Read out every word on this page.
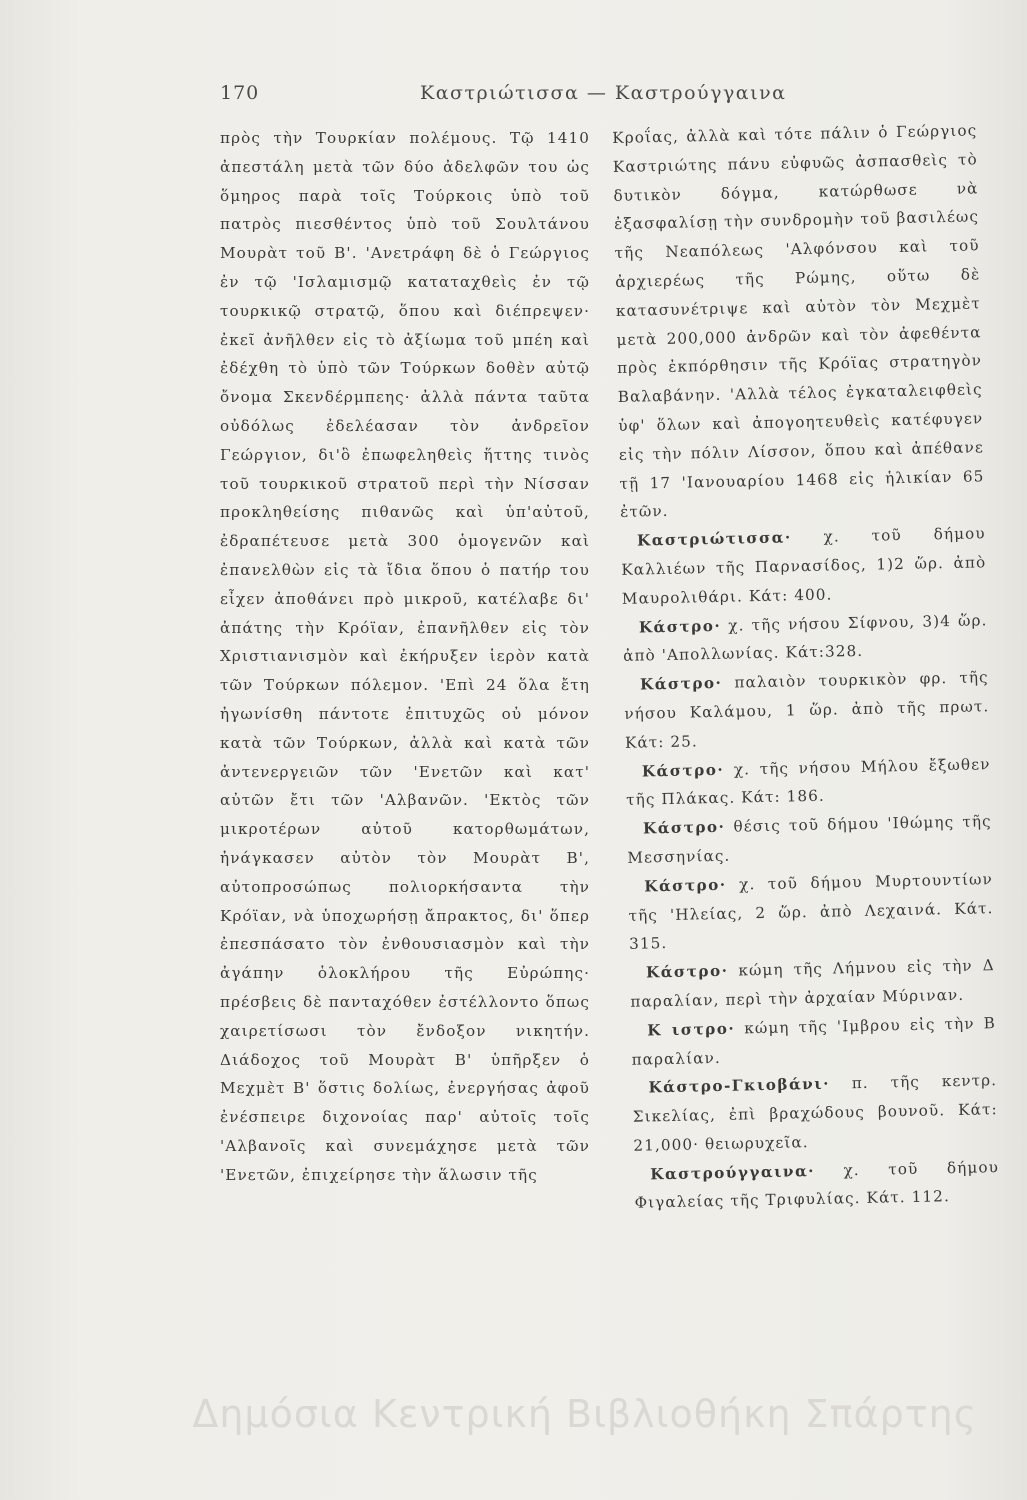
170	Καστριώτισσα — Καστρούγγαινα

πρὸς τὴν Τουρκίαν πολέμους. Τῷ 1410 ἀπεστάλη μετὰ τῶν δύο ἀδελφῶν του ὡς ὅμηρος παρὰ τοῖς Τούρκοις ὑπὸ τοῦ πατρὸς πιεσθέντος ὑπὸ τοῦ Σουλτάνου Μουρὰτ τοῦ Β'. 'Ανετράφη δὲ ὁ Γεώργιος ἐν τῷ 'Ισλαμισμῷ καταταχθεὶς ἐν τῷ τουρκικῷ στρατῷ, ὅπου καὶ διέπρεψεν· ἐκεῖ ἀνῆλθεν εἰς τὸ ἀξίωμα τοῦ μπέη καὶ ἐδέχθη τὸ ὑπὸ τῶν Τούρκων δοθὲν αὐτῷ ὄνομα Σκενδέρμπεης· ἀλλὰ πάντα ταῦτα οὐδόλως ἐδελέασαν τὸν ἀνδρεῖον Γεώργιον, δι'ὃ ἐπωφεληθεὶς ἥττης τινὸς τοῦ τουρκικοῦ στρατοῦ περὶ τὴν Νίσσαν προκληθείσης πιθανῶς καὶ ὑπ'αὐτοῦ, ἐδραπέτευσε μετὰ 300 ὁμογενῶν καὶ ἐπανελθὼν εἰς τὰ ἴδια ὅπου ὁ πατήρ του εἶχεν ἀποθάνει πρὸ μικροῦ, κατέλαβε δι' ἀπάτης τὴν Κρόϊαν, ἐπανῆλθεν εἰς τὸν Χριστιανισμὸν καὶ ἐκήρυξεν ἱερὸν κατὰ τῶν Τούρκων πόλεμον. 'Επὶ 24 ὅλα ἔτη ἠγωνίσθη πάντοτε ἐπιτυχῶς οὐ μόνον κατὰ τῶν Τούρκων, ἀλλὰ καὶ κατὰ τῶν ἀντενεργειῶν τῶν 'Ενετῶν καὶ κατ' αὐτῶν ἔτι τῶν 'Αλβανῶν. 'Εκτὸς τῶν μικροτέρων αὐτοῦ κατορθωμάτων, ἠνάγκασεν αὐτὸν τὸν Μουρὰτ Β', αὐτοπροσώπως πολιορκήσαντα τὴν Κρόϊαν, νὰ ὑποχωρήσῃ ἄπρακτος, δι' ὅπερ ἐπεσπάσατο τὸν ἐνθουσιασμὸν καὶ τὴν ἀγάπην ὁλοκλήρου τῆς Εὐρώπης· πρέσβεις δὲ πανταχόθεν ἐστέλλοντο ὅπως χαιρετίσωσι τὸν ἔνδοξον νικητήν. Διάδοχος τοῦ Μουρὰτ Β' ὑπῆρξεν ὁ Μεχμὲτ Β' ὅστις δολίως, ἐνεργήσας ἀφοῦ ἐνέσπειρε διχονοίας παρ' αὐτοῖς τοῖς 'Αλβανοῖς καὶ συνεμάχησε μετὰ τῶν 'Ενετῶν, ἐπιχείρησε τὴν ἅλωσιν τῆς

Κροΐας, ἀλλὰ καὶ τότε πάλιν ὁ Γεώργιος Καστριώτης πάνυ εὐφυῶς ἀσπασθεὶς τὸ δυτικὸν δόγμα, κατώρθωσε νὰ ἐξασφαλίσῃ τὴν συνδρομὴν τοῦ βασιλέως τῆς Νεαπόλεως 'Αλφόνσου καὶ τοῦ ἀρχιερέως τῆς Ρώμης, οὕτω δὲ κατασυνέτριψε καὶ αὐτὸν τὸν Μεχμὲτ μετὰ 200,000 ἀνδρῶν καὶ τὸν ἀφεθέντα πρὸς ἐκπόρθησιν τῆς Κρόϊας στρατηγὸν Βαλαβάνην. 'Αλλὰ τέλος ἐγκαταλειφθεὶς ὑφ' ὅλων καὶ ἀπογοητευθεὶς κατέφυγεν εἰς τὴν πόλιν Λίσσον, ὅπου καὶ ἀπέθανε τῇ 17 'Ιανουαρίου 1468 εἰς ἡλικίαν 65 ἐτῶν.

 Καστριώτισσα· χ. τοῦ δήμου Καλλιέων τῆς Παρνασίδος, 1)2 ὥρ. ἀπὸ Μαυρολιθάρι. Κάτ: 400.

 Κάστρο· χ. τῆς νήσου Σίφνου, 3)4 ὥρ. ἀπὸ 'Απολλωνίας. Κάτ:328.

 Κάστρο· παλαιὸν τουρκικὸν φρ. τῆς νήσου Καλάμου, 1 ὥρ. ἀπὸ τῆς πρωτ. Κάτ: 25.

 Κάστρο· χ. τῆς νήσου Μήλου ἔξωθεν τῆς Πλάκας. Κάτ: 186.

 Κάστρο· θέσις τοῦ δήμου 'Ιθώμης τῆς Μεσσηνίας.

 Κάστρο· χ. τοῦ δήμου Μυρτουντίων τῆς 'Ηλείας, 2 ὥρ. ἀπὸ Λεχαινά. Κάτ. 315.

 Κάστρο· κώμη τῆς Λήμνου εἰς τὴν Δ παραλίαν, περὶ τὴν ἀρχαίαν Μύριναν.

 Κ ιστρο· κώμη τῆς 'Ιμβρου εἰς τὴν Β παραλίαν.

 Κάστρο-Γκιοβάνι· π. τῆς κεντρ. Σικελίας, ἐπὶ βραχώδους βουνοῦ. Κάτ: 21,000· θειωρυχεῖα.

 Καστρούγγαινα· χ. τοῦ δήμου Φιγαλείας τῆς Τριφυλίας. Κάτ. 112.

Δημόσια Κεντρική Βιβλιοθήκη Σπάρτης
